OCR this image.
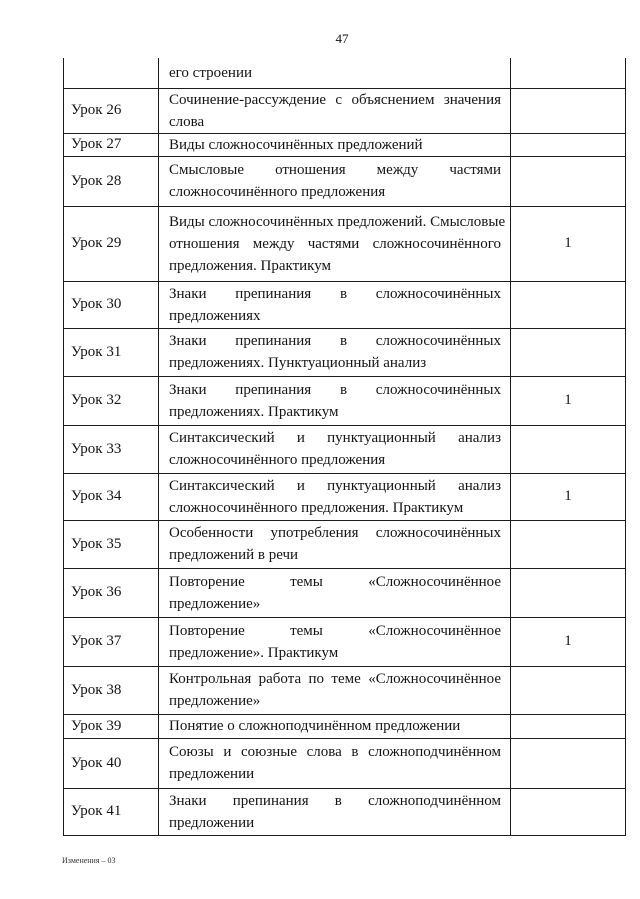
47

	его строении	

Урок 26	Сочинение-рассуждение с объяснением значения
слова	

Урок 27	Виды сложносочинённых предложений	

Урок 28	Смысловые отношения между частями
сложносочинённого предложения	

Урок 29	Виды сложносочинённых предложений. Смысловые
отношения между частями сложносочинённого
предложения. Практикум	1
Урок 30	Знаки препинания в сложносочинённых
предложениях	

Урок 31	Знаки препинания в сложносочинённых
предложениях. Пунктуационный анализ	

Урок 32	Знаки препинания в сложносочинённых
предложениях. Практикум	1
Урок 33	Синтаксический и пунктуационный анализ
сложносочинённого предложения	

Урок 34	Синтаксический и пунктуационный анализ
сложносочинённого предложения. Практикум	1
Урок 35	Особенности употребления сложносочинённых
предложений в речи	

Урок 36	Повторение темы «Сложносочинённое
предложение»	

Урок 37	Повторение темы «Сложносочинённое
предложение». Практикум	1
Урок 38	Контрольная работа по теме «Сложносочинённое
предложение»	

Урок 39	Понятие о сложноподчинённом предложении	

Урок 40	Союзы и союзные слова в сложноподчинённом
предложении	

Урок 41	Знаки препинания в сложноподчинённом
предложении	

Изменения – 03
